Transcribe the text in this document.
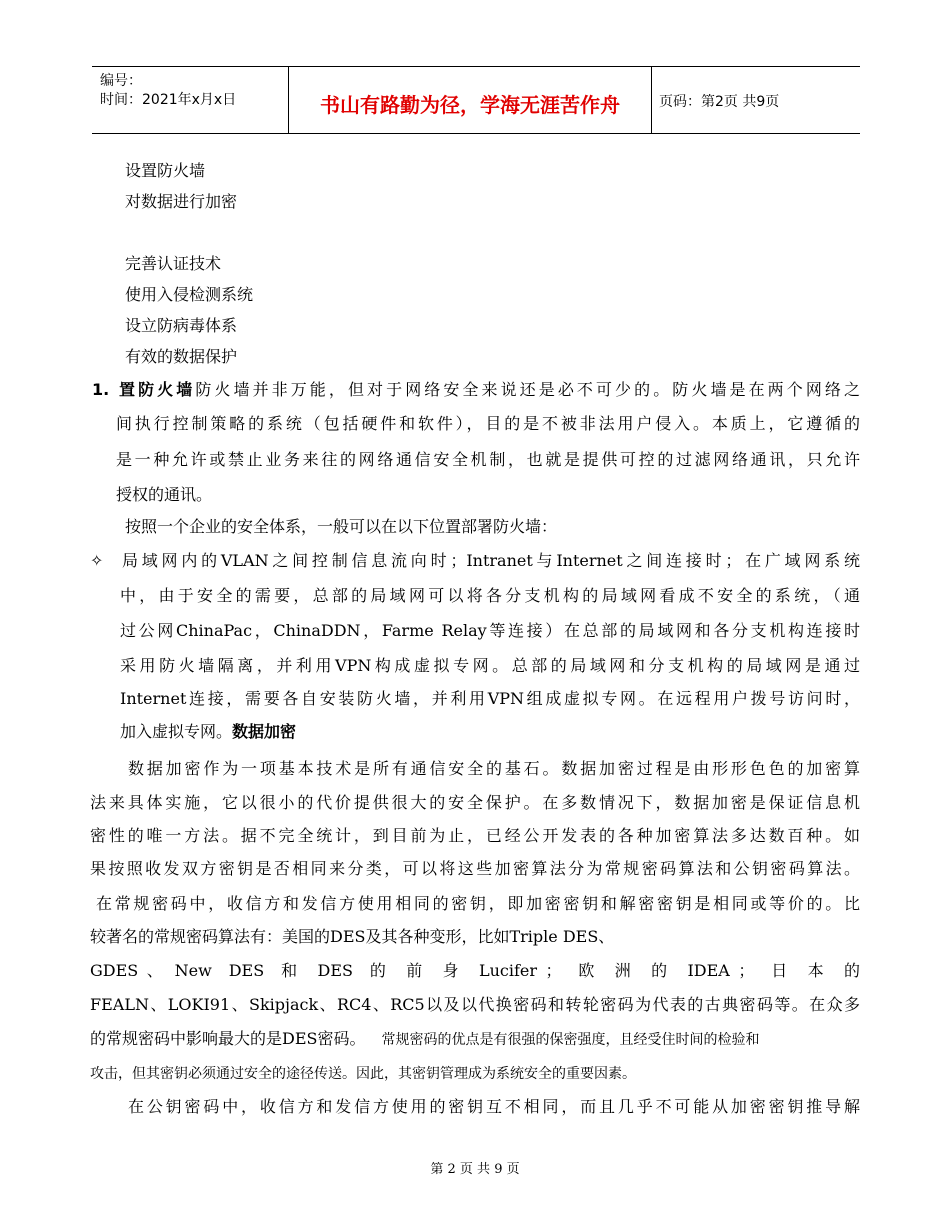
编号：
时间：2021年x月x日	书山有路勤为径，学海无涯苦作舟	页码：第2页 共9页
设置防火墙
对数据进行加密
完善认证技术
使用入侵检测系统
设立防病毒体系
有效的数据保护
1. 置防火墙防火墙并非万能，但对于网络安全来说还是必不可少的。防火墙是在两个网络之
间执行控制策略的系统（包括硬件和软件），目的是不被非法用户侵入。本质上，它遵循的
是一种允许或禁止业务来往的网络通信安全机制，也就是提供可控的过滤网络通讯，只允许
授权的通讯。
按照一个企业的安全体系，一般可以在以下位置部署防火墙：
✧ 局域网内的VLAN之间控制信息流向时；Intranet与Internet之间连接时；在广域网系统
中，由于安全的需要，总部的局域网可以将各分支机构的局域网看成不安全的系统，（通
过公网ChinaPac，ChinaDDN，Farme Relay等连接）在总部的局域网和各分支机构连接时
采用防火墙隔离，并利用VPN构成虚拟专网。总部的局域网和分支机构的局域网是通过
Internet连接，需要各自安装防火墙，并利用VPN组成虚拟专网。在远程用户拨号访问时，
加入虚拟专网。数据加密
数据加密作为一项基本技术是所有通信安全的基石。数据加密过程是由形形色色的加密算
法来具体实施，它以很小的代价提供很大的安全保护。在多数情况下，数据加密是保证信息机
密性的唯一方法。据不完全统计，到目前为止，已经公开发表的各种加密算法多达数百种。如
果按照收发双方密钥是否相同来分类，可以将这些加密算法分为常规密码算法和公钥密码算法。
在常规密码中，收信方和发信方使用相同的密钥，即加密密钥和解密密钥是相同或等价的。比
较著名的常规密码算法有：美国的DES及其各种变形，比如Triple DES、
GDES 、 New  DES  和  DES  的  前  身  Lucifer ；  欧  洲  的  IDEA ；  日  本  的
FEALN、LOKI91、Skipjack、RC4、RC5以及以代换密码和转轮密码为代表的古典密码等。在众多
的常规密码中影响最大的是DES密码。 常规密码的优点是有很强的保密强度，且经受住时间的检验和
攻击，但其密钥必须通过安全的途径传送。因此，其密钥管理成为系统安全的重要因素。
在公钥密码中，收信方和发信方使用的密钥互不相同，而且几乎不可能从加密密钥推导解
第 2 页 共 9 页
